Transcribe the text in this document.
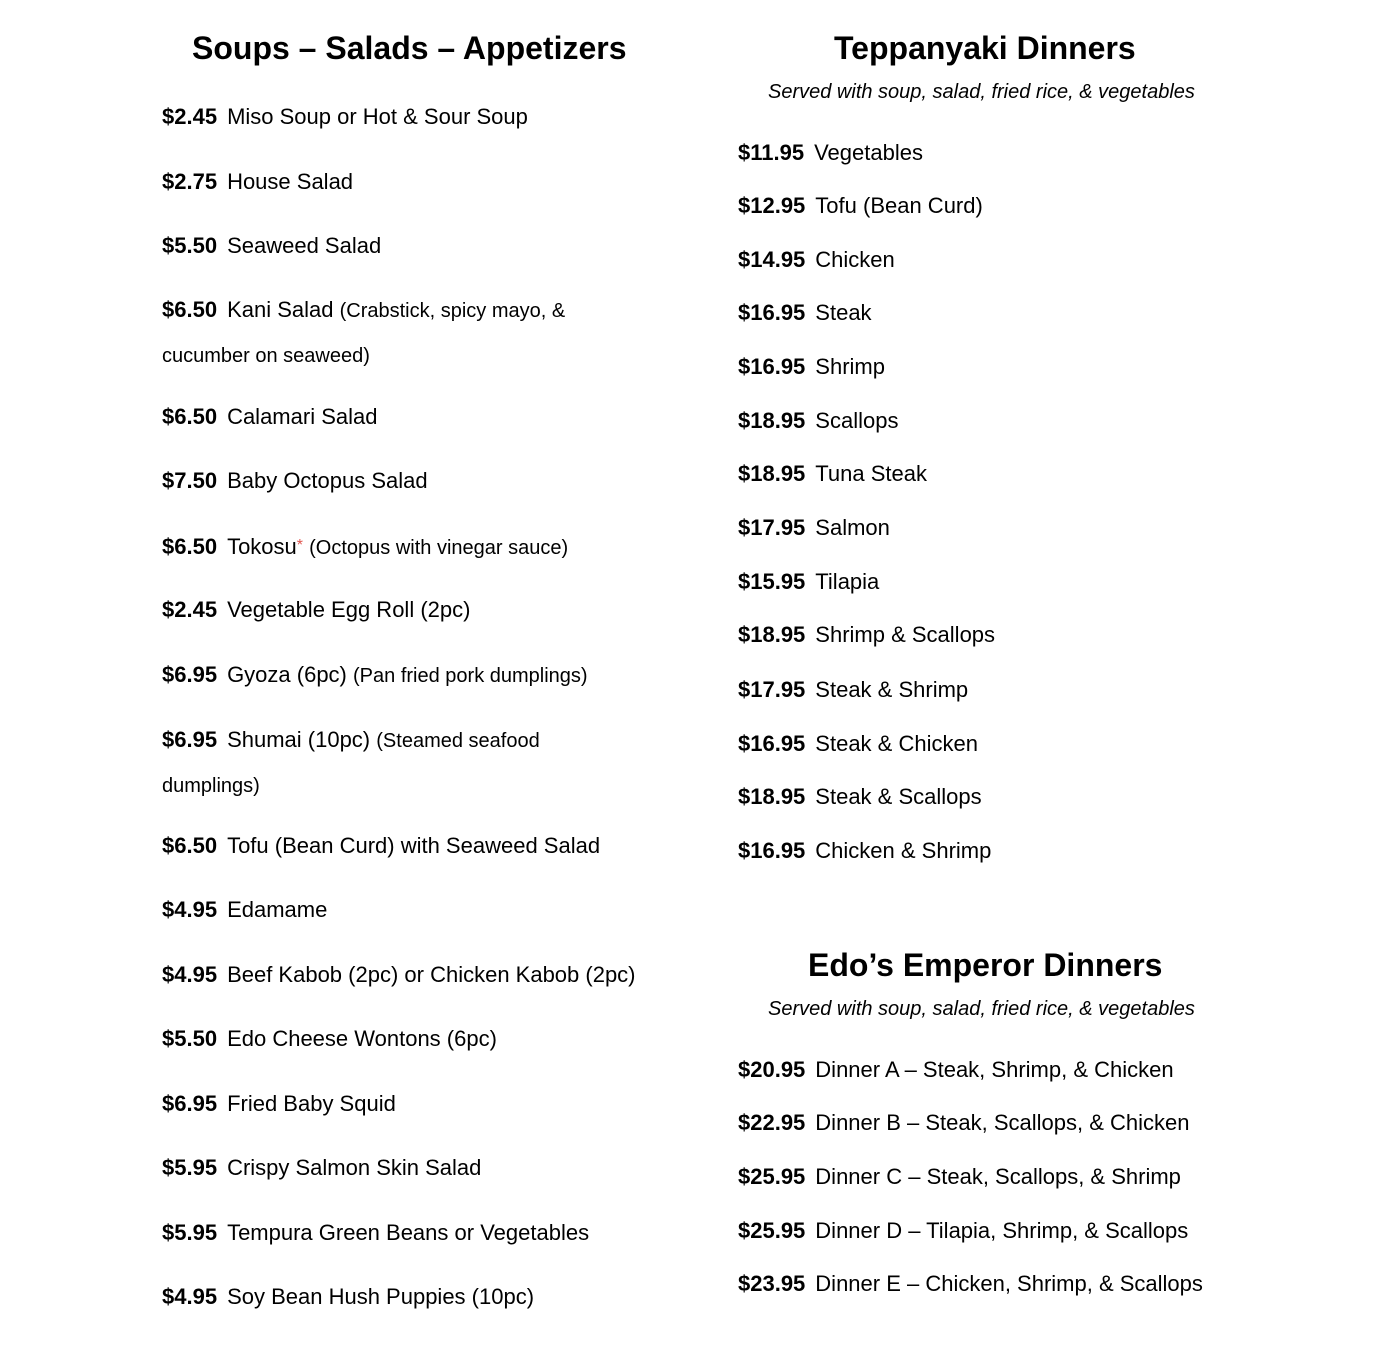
Soups – Salads – Appetizers
$2.45 Miso Soup or Hot & Sour Soup
$2.75 House Salad
$5.50 Seaweed Salad
$6.50 Kani Salad (Crabstick, spicy mayo, & cucumber on seaweed)
$6.50 Calamari Salad
$7.50 Baby Octopus Salad
$6.50 Tokosu* (Octopus with vinegar sauce)
$2.45 Vegetable Egg Roll (2pc)
$6.95 Gyoza (6pc) (Pan fried pork dumplings)
$6.95 Shumai (10pc) (Steamed seafood dumplings)
$6.50 Tofu (Bean Curd) with Seaweed Salad
$4.95 Edamame
$4.95 Beef Kabob (2pc) or Chicken Kabob (2pc)
$5.50 Edo Cheese Wontons (6pc)
$6.95 Fried Baby Squid
$5.95 Crispy Salmon Skin Salad
$5.95 Tempura Green Beans or Vegetables
$4.95 Soy Bean Hush Puppies (10pc)
Teppanyaki Dinners
Served with soup, salad, fried rice, & vegetables
$11.95 Vegetables
$12.95 Tofu (Bean Curd)
$14.95 Chicken
$16.95 Steak
$16.95 Shrimp
$18.95 Scallops
$18.95 Tuna Steak
$17.95 Salmon
$15.95 Tilapia
$18.95 Shrimp & Scallops
$17.95 Steak & Shrimp
$16.95 Steak & Chicken
$18.95 Steak & Scallops
$16.95 Chicken & Shrimp
Edo’s Emperor Dinners
Served with soup, salad, fried rice, & vegetables
$20.95 Dinner A – Steak, Shrimp, & Chicken
$22.95 Dinner B – Steak, Scallops, & Chicken
$25.95 Dinner C – Steak, Scallops, & Shrimp
$25.95 Dinner D – Tilapia, Shrimp, & Scallops
$23.95 Dinner E – Chicken, Shrimp, & Scallops
